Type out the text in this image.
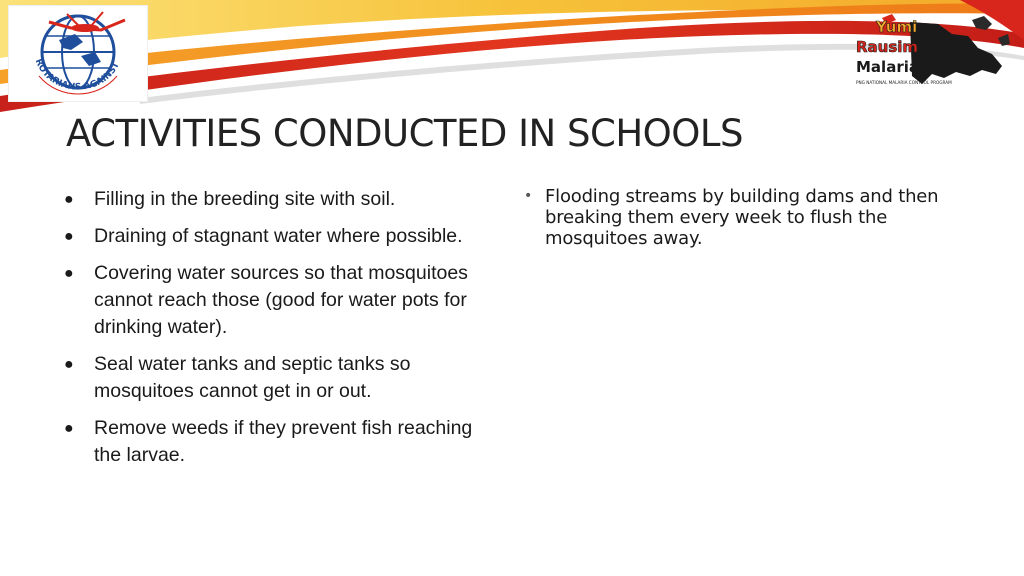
ROTARIANS AGAINST
Yumi
Rausim
Malaria
PNG NATIONAL MALARIA CONTROL PROGRAM
ACTIVITIES CONDUCTED IN SCHOOLS
● Filling in the breeding site with soil.
● Draining of stagnant water where possible.
● Covering water sources so that mosquitoes cannot reach those (good for water pots for drinking water).
● Seal water tanks and septic tanks so mosquitoes cannot get in or out.
● Remove weeds if they prevent fish reaching the larvae.
• Flooding streams by building dams and then breaking them every week to flush the mosquitoes away.
